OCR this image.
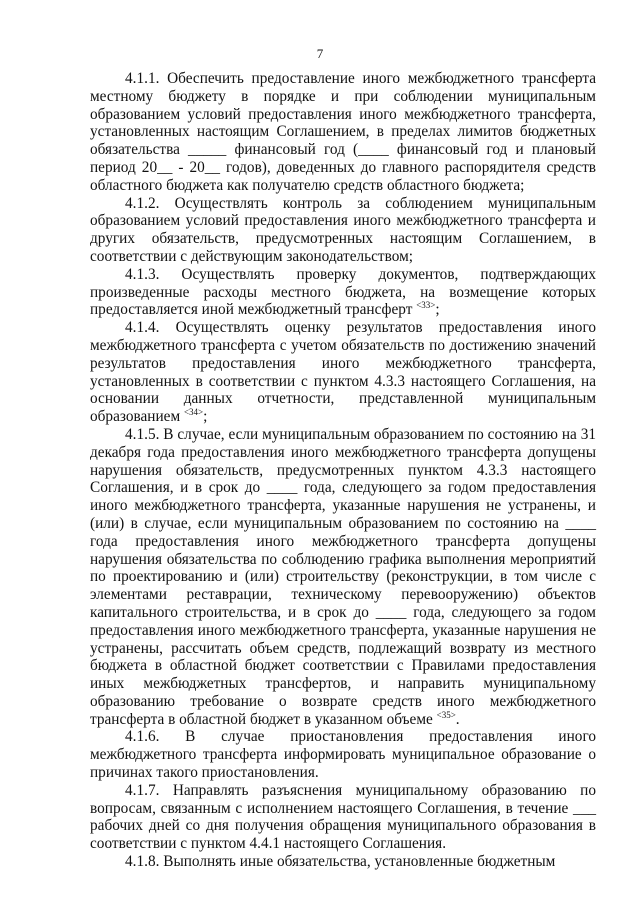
7

4.1.1. Обеспечить предоставление иного межбюджетного трансферта местному бюджету в порядке и при соблюдении муниципальным образованием условий предоставления иного межбюджетного трансферта, установленных настоящим Соглашением, в пределах лимитов бюджетных обязательства _____ финансовый год (____ финансовый год и плановый период 20__ - 20__ годов), доведенных до главного распорядителя средств областного бюджета как получателю средств областного бюджета;

4.1.2. Осуществлять контроль за соблюдением муниципальным образованием условий предоставления иного межбюджетного трансферта и других обязательств, предусмотренных настоящим Соглашением, в соответствии с действующим законодательством;

4.1.3. Осуществлять проверку документов, подтверждающих произведенные расходы местного бюджета, на возмещение которых предоставляется иной межбюджетный трансферт $^{<33>}$;

4.1.4. Осуществлять оценку результатов предоставления иного межбюджетного трансферта с учетом обязательств по достижению значений результатов предоставления иного межбюджетного трансферта, установленных в соответствии с пунктом 4.3.3 настоящего Соглашения, на основании данных отчетности, представленной муниципальным образованием $^{<34>}$;

4.1.5. В случае, если муниципальным образованием по состоянию на 31 декабря года предоставления иного межбюджетного трансферта допущены нарушения обязательств, предусмотренных пунктом 4.3.3 настоящего Соглашения, и в срок до ____ года, следующего за годом предоставления иного межбюджетного трансферта, указанные нарушения не устранены, и (или) в случае, если муниципальным образованием по состоянию на ____ года предоставления иного межбюджетного трансферта допущены нарушения обязательства по соблюдению графика выполнения мероприятий по проектированию и (или) строительству (реконструкции, в том числе с элементами реставрации, техническому перевооружению) объектов капитального строительства, и в срок до ____ года, следующего за годом предоставления иного межбюджетного трансферта, указанные нарушения не устранены, рассчитать объем средств, подлежащий возврату из местного бюджета в областной бюджет соответствии с Правилами предоставления иных межбюджетных трансфертов, и направить муниципальному образованию требование о возврате средств иного межбюджетного трансферта в областной бюджет в указанном объеме $^{<35>}$.

4.1.6. В случае приостановления предоставления иного межбюджетного трансферта информировать муниципальное образование о причинах такого приостановления.

4.1.7. Направлять разъяснения муниципальному образованию по вопросам, связанным с исполнением настоящего Соглашения, в течение ___ рабочих дней со дня получения обращения муниципального образования в соответствии с пунктом 4.4.1 настоящего Соглашения.

4.1.8. Выполнять иные обязательства, установленные бюджетным
